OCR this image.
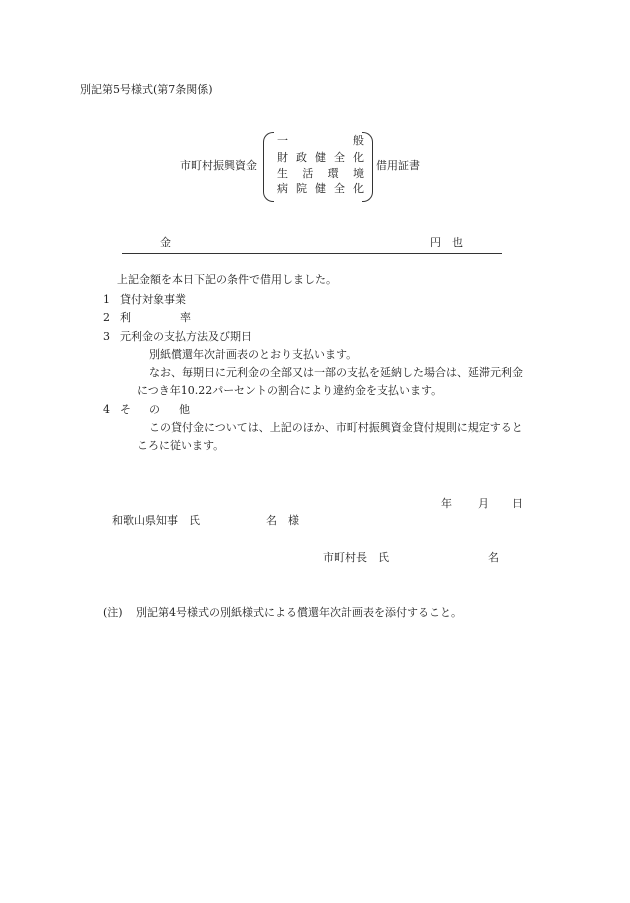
別記第5号様式(第7条関係)
市町村振興資金
一	般
財 政 健 全 化
生 活 環 境
病 院 健 全 化
借用証書
金	円　也
上記金額を本日下記の条件で借用しました。
1 貸付対象事業
2 利	率
3 元利金の支払方法及び期日
別紙償還年次計画表のとおり支払います。
なお、毎期日に元利金の全部又は一部の支払を延納した場合は、延滞元利金
につき年10.22パーセントの割合により違約金を支払います。
4 そ の 他
この貸付金については、上記のほか、市町村振興資金貸付規則に規定すると
ころに従います。
年 月 日
和歌山県知事　氏	名　様
市町村長　氏	名
(注) 別記第4号様式の別紙様式による償還年次計画表を添付すること。
